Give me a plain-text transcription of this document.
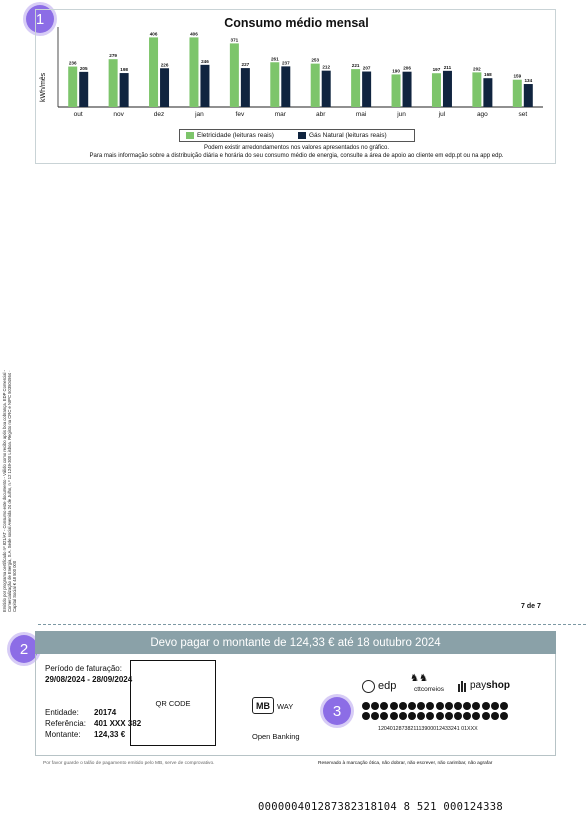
1	Consumo médio mensal
kWh/mês
236
205
out
279
198
nov
406
226
dez
406
246
jan
371
227
fev
261
237
mar
253
212
abr
221 207
mai
190
206
jun
197 211
jul
202
168
ago
159
134
set
Eletricidade (leituras reais)	Gás Natural (leituras reais)
Podem existir arredondamentos nos valores apresentados no gráfico.
Para mais informação sobre a distribuição diária e horária do seu consumo médio de energia, consulte a área de apoio ao cliente em edp.pt ou na app edp.
Emitido por programa certificado nº 821/AT - Consumo este documento - Válido como recibo após boa cobrança. EDP Comercial - Comercialização de Energia, S.A. Sede social Avenida 24 de Julho, n.º 12 1249-300 Lisboa. Registo na CRC e NIPC 503504564 · Capital Social € 48 500 000	7 de 7
2	Devo pagar o montante de 124,33 € até 18 outubro 2024
Período de faturação:
29/08/2024 - 28/09/2024
Entidade: 20174
Referência: 401 XXX 382
Montante: 124,33 €
QR CODE	MB WAY
Open Banking
edp
♞♞
cttcorreios	payshop
3
1204012873821113900012433241 01XXX
Por favor guarde o talão de pagamento emitido pelo MB, serve de comprovativo.	Reservado à marcação ótica, não dobrar, não escrever, não carimbar, não agrafar
000000401287382318104 8 521 000124338
